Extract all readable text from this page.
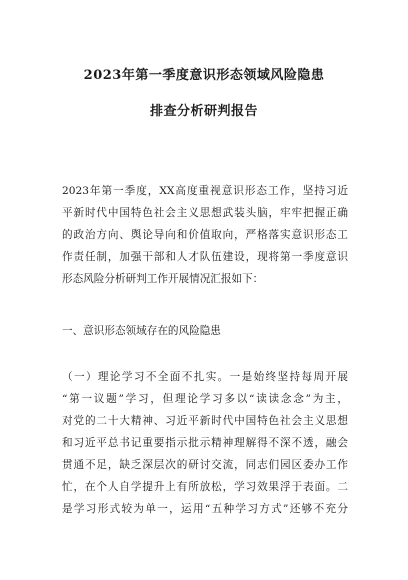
2023年第一季度意识形态领域风险隐患
排查分析研判报告
2023年第一季度，XX高度重视意识形态工作，坚持习近
平新时代中国特色社会主义思想武装头脑，牢牢把握正确
的政治方向、舆论导向和价值取向，严格落实意识形态工
作责任制，加强干部和人才队伍建设，现将第一季度意识
形态风险分析研判工作开展情况汇报如下：
一、意识形态领域存在的风险隐患
（一）理论学习不全面不扎实。一是始终坚持每周开展
“第一议题”学习，但理论学习多以“读读念念”为主，
对党的二十大精神、习近平新时代中国特色社会主义思想
和习近平总书记重要指示批示精神理解得不深不透，融会
贯通不足，缺乏深层次的研讨交流，同志们园区委办工作
忙，在个人自学提升上有所放松，学习效果浮于表面。二
是学习形式较为单一，运用“五种学习方式”还够不充分
